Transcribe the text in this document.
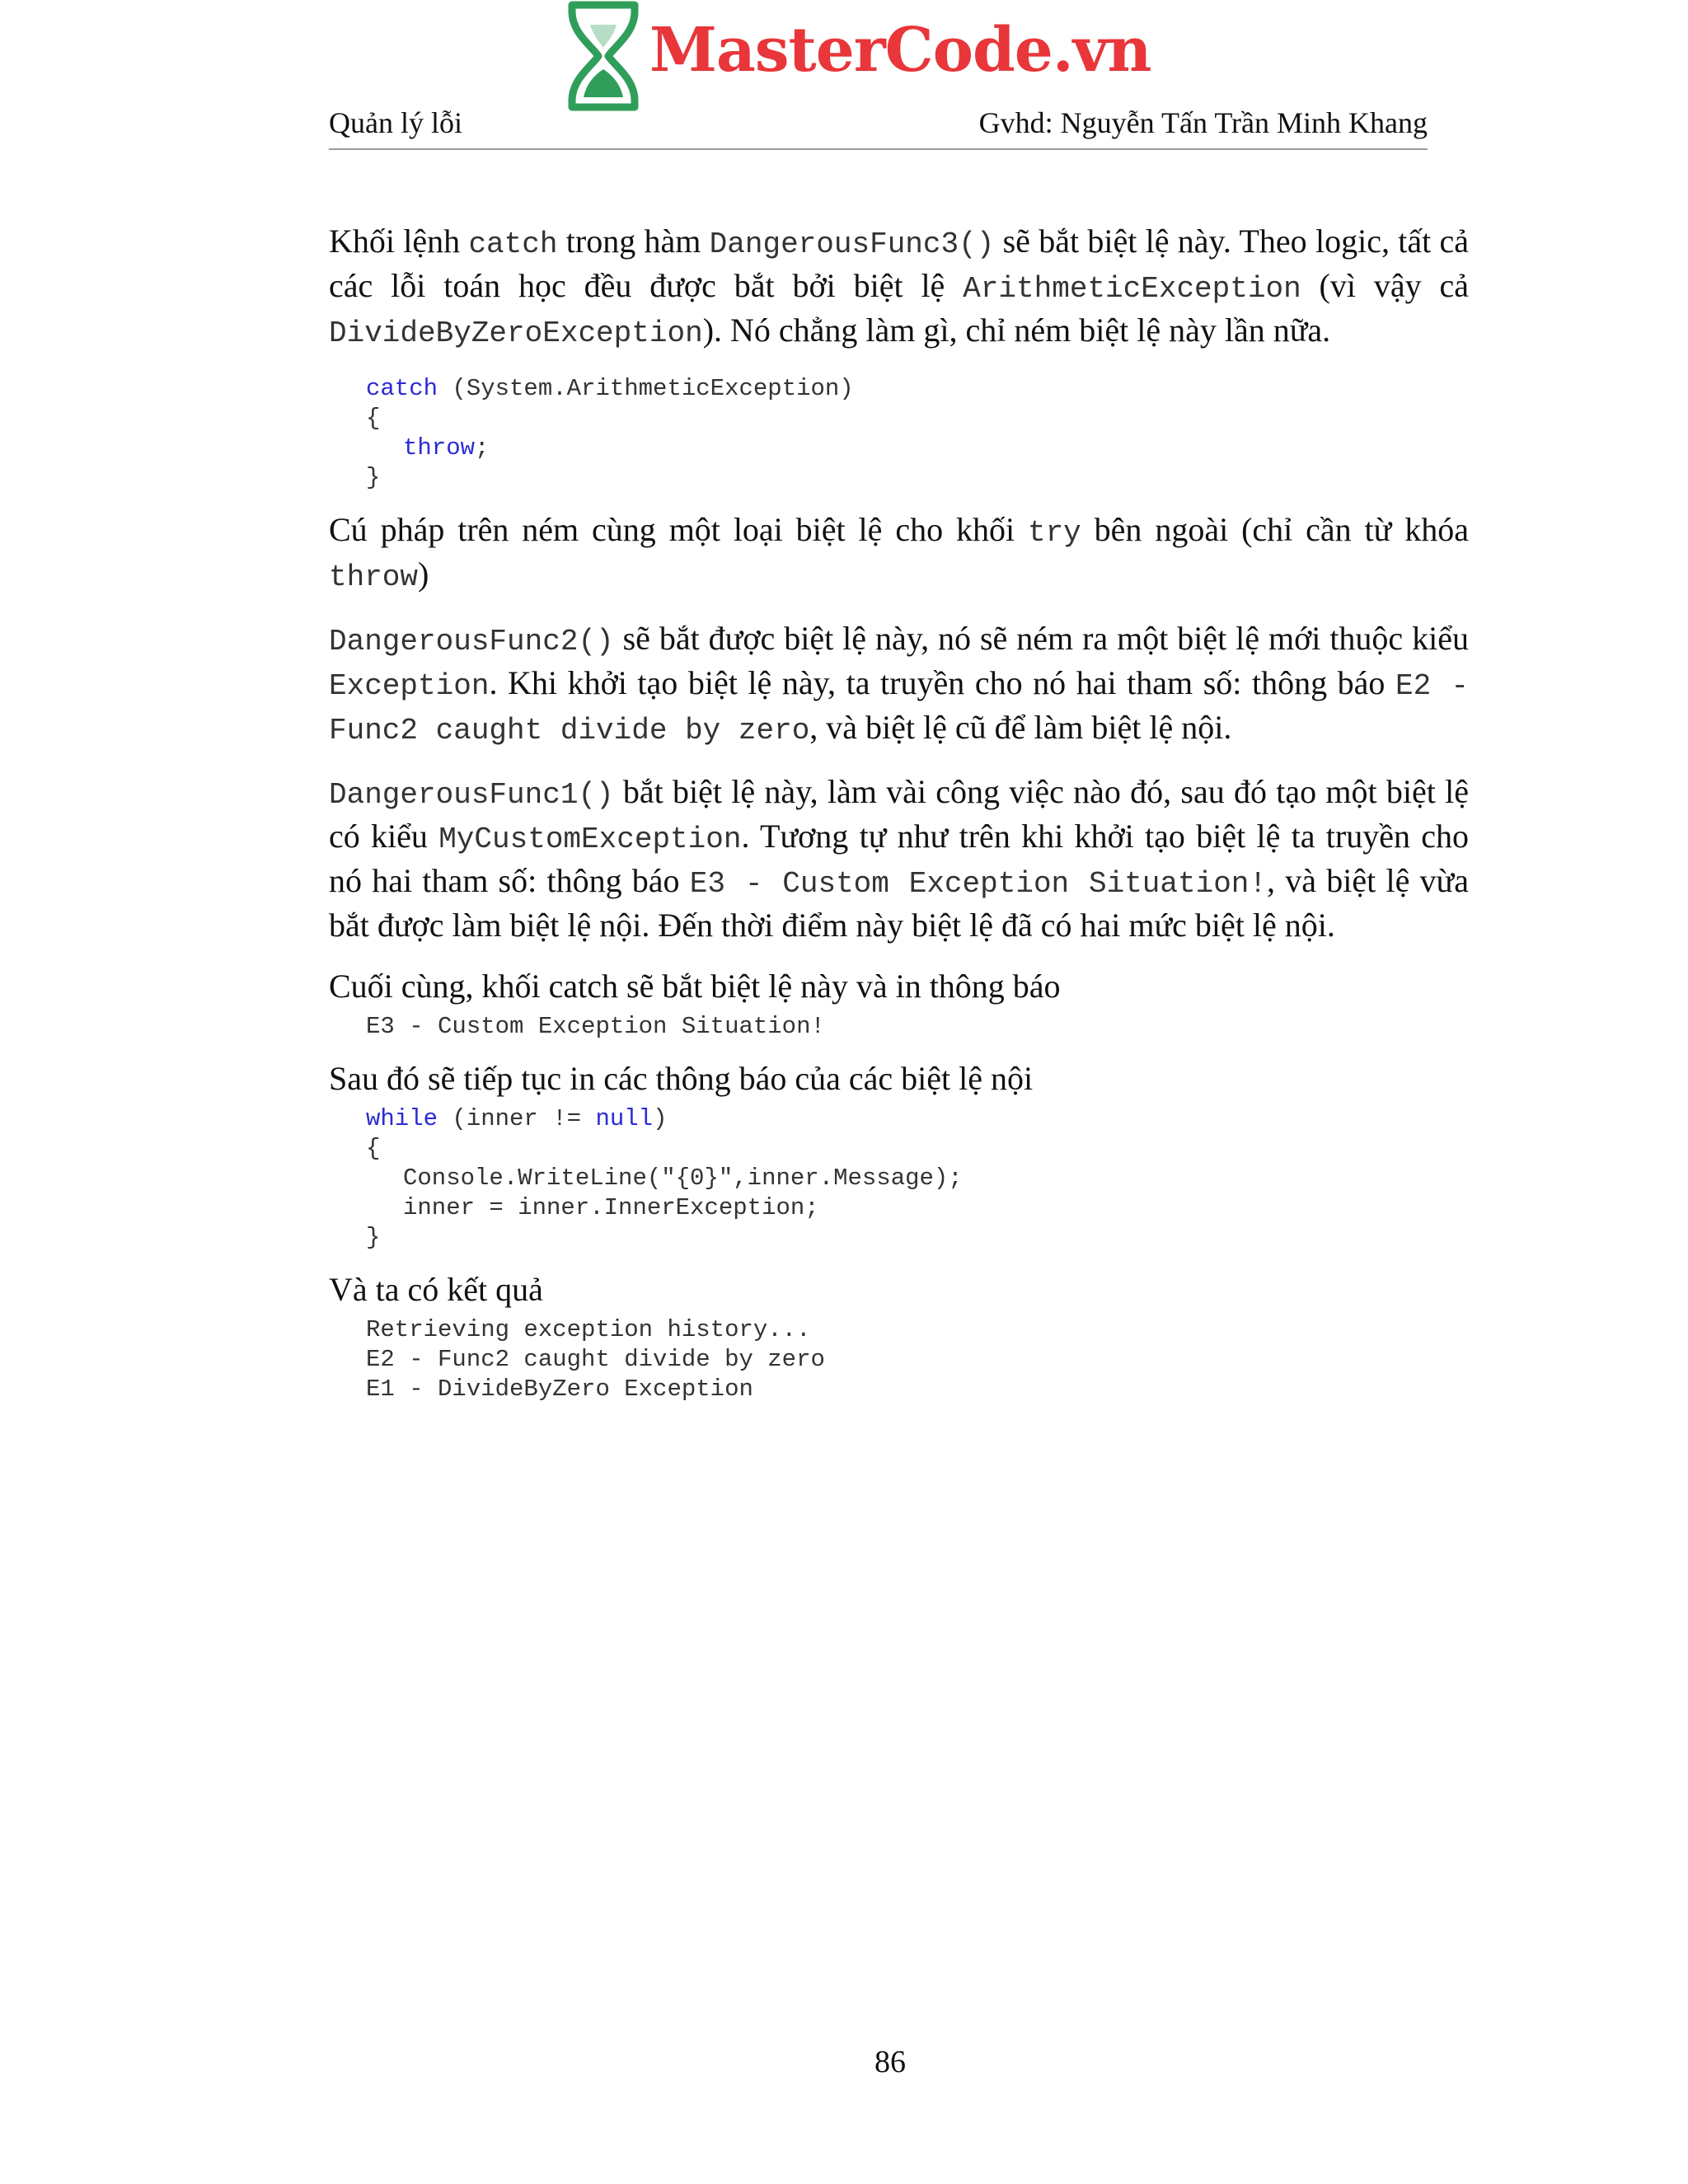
MasterCode.vn
Quản lý lỗi	Gvhd: Nguyễn Tấn Trần Minh Khang

Khối lệnh catch trong hàm DangerousFunc3() sẽ bắt biệt lệ này. Theo logic, tất cả các lỗi toán học đều được bắt bởi biệt lệ ArithmeticException (vì vậy cả DivideByZeroException). Nó chẳng làm gì, chỉ ném biệt lệ này lần nữa.

catch (System.ArithmeticException)
{
throw;
}

Cú pháp trên ném cùng một loại biệt lệ cho khối try bên ngoài (chỉ cần từ khóa throw)

DangerousFunc2() sẽ bắt được biệt lệ này, nó sẽ ném ra một biệt lệ mới thuộc kiểu Exception. Khi khởi tạo biệt lệ này, ta truyền cho nó hai tham số: thông báo E2 - Func2 caught divide by zero, và biệt lệ cũ để làm biệt lệ nội.

DangerousFunc1() bắt biệt lệ này, làm vài công việc nào đó, sau đó tạo một biệt lệ có kiểu MyCustomException. Tương tự như trên khi khởi tạo biệt lệ ta truyền cho nó hai tham số: thông báo E3 - Custom Exception Situation!, và biệt lệ vừa bắt được làm biệt lệ nội. Đến thời điểm này biệt lệ đã có hai mức biệt lệ nội.

Cuối cùng, khối catch sẽ bắt biệt lệ này và in thông báo

E3 - Custom Exception Situation!

Sau đó sẽ tiếp tục in các thông báo của các biệt lệ nội

while (inner != null)
{
Console.WriteLine("{0}",inner.Message);
inner = inner.InnerException;
}

Và ta có kết quả

Retrieving exception history...
E2 - Func2 caught divide by zero
E1 - DivideByZero Exception
86
